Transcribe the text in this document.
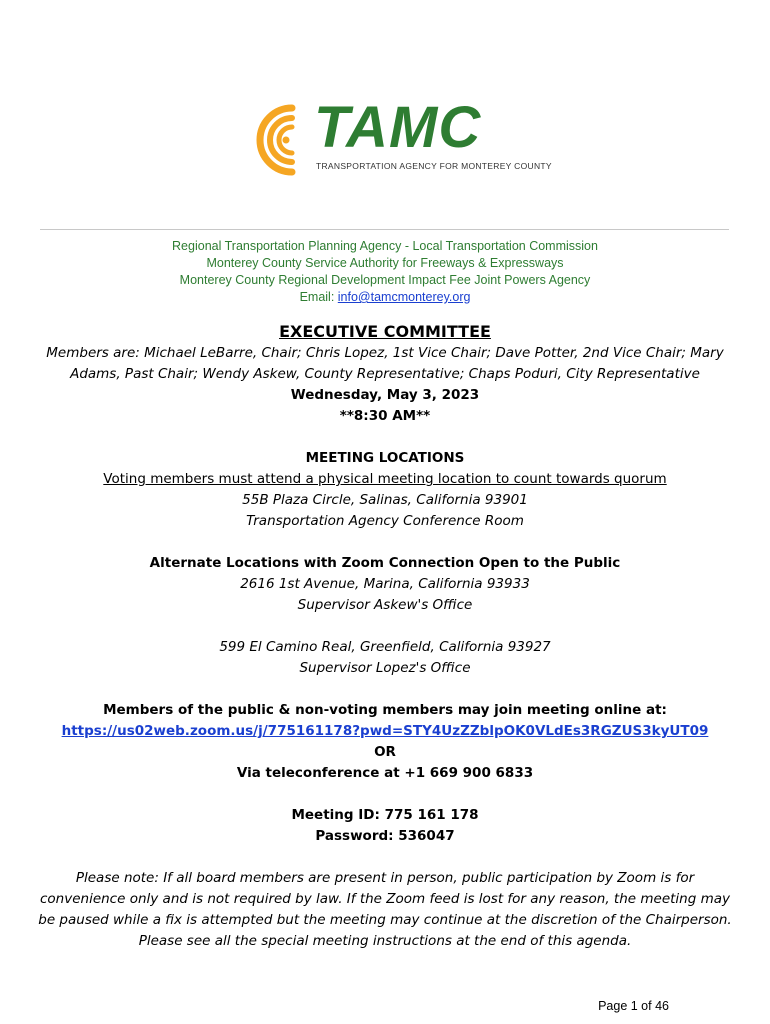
TAMC
TRANSPORTATION AGENCY FOR MONTEREY COUNTY
Regional Transportation Planning Agency - Local Transportation Commission
Monterey County Service Authority for Freeways & Expressways
Monterey County Regional Development Impact Fee Joint Powers Agency
Email: info@tamcmonterey.org

EXECUTIVE COMMITTEE

Members are: Michael LeBarre, Chair; Chris Lopez, 1st Vice Chair; Dave Potter, 2nd Vice Chair; Mary

Adams, Past Chair; Wendy Askew, County Representative; Chaps Poduri, City Representative

Wednesday, May 3, 2023

**8:30 AM**

MEETING LOCATIONS

Voting members must attend a physical meeting location to count towards quorum

55B Plaza Circle, Salinas, California 93901

Transportation Agency Conference Room

Alternate Locations with Zoom Connection Open to the Public

2616 1st Avenue, Marina, California 93933

Supervisor Askew's Office

599 El Camino Real, Greenfield, California 93927

Supervisor Lopez's Office

Members of the public & non-voting members may join meeting online at:

https://us02web.zoom.us/j/775161178?pwd=STY4UzZZblpOK0VLdEs3RGZUS3kyUT09

OR

Via teleconference at +1 669 900 6833

Meeting ID: 775 161 178

Password: 536047

Please note: If all board members are present in person, public participation by Zoom is for

convenience only and is not required by law. If the Zoom feed is lost for any reason, the meeting may

be paused while a fix is attempted but the meeting may continue at the discretion of the Chairperson.

Please see all the special meeting instructions at the end of this agenda.

Page 1 of 46
